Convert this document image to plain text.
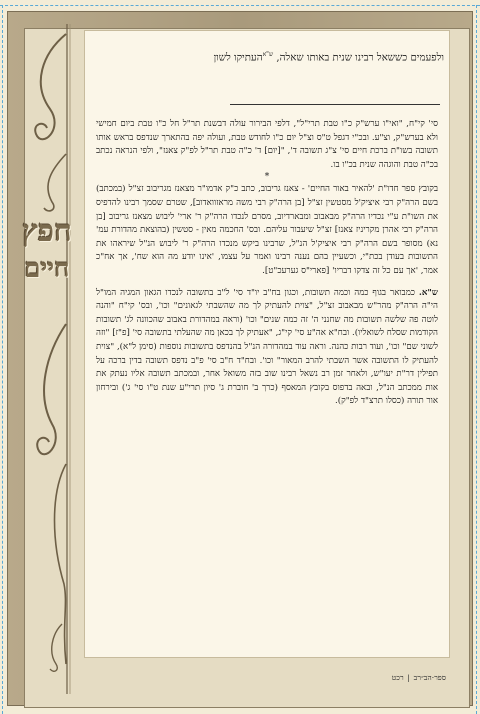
חפץ
חיים
ולפעמים כששאל רבינו שנית באותו שאלה, $^{ש"א}$העתיקו לשון

סי' קי"ח, "ואי"ו ערש"ק כ"ו טבת תרי"ל", דלפי הבירור עולה דבשנת תר"ל חל כ"ו טבת ביום חמישי ולא בערש"ק, וצ"ע. ובכ"י דגפל ט"ס וצ"ל יום כ"ו לחודש טבת, ועולה יפה בהתארך שנדפס בראש אותו תשובה בשו"ת ברכת חיים סי' צ"ג תשובה ד', "[יום] ד' כ"ה טבת תר"ל לפ"ק צאנז", ולפי הנראה נכתב בכ"ה טבת והוגהה שנית בכ"ו בו.

*

בקובץ ספר חדו"ת 'להאיר באור החיים' - צאנז גריבוב, כתב כ"ק אדמו"ר מצאנז מגריבוב זצ"ל (במכתב) בשם הרה"ק רבי איציק'ל מסטשין זצ"ל [בן הרה"ק רבי משה מראזוואדוב], שטרם שסמך רבינו להדפיס את השו"ת ע"י נכדיו הרה"ק מבאבוב ומבארדיוב, מסרם לנכדו הרה"ק ר' ארי' ליבוש מצאנז גריבוב [בן הרה"ק רבי אהרן מקריניז צאנז] זצ"ל שיעבור עליהם. ובס' החכמה מאין - סטשין (בהוצאת מהדורת עמ' נא) מסופר בשם הרה"ק רבי איציק'ל הנ"ל, שרבינו ביקש מנכדו הרה"ק ר' ליבוש הנ"ל שיראהו את התשובות בעודן בכת"י, וכשעיין בהם נענה רבינו ואמר על עצמו, 'אינו יודע מה הוא שח', אך אח"כ אמר, 'אך עם כל זה צדקו דבריו' [פארי"ס גערעכ"ט].

ש"א. כמבואר בגוף כמה וכמה תשובות, וכגון בח"ב יו"ד סי' ל"ב בתשובה לנכדו הגאון המגיה המו"ל הי"ה הרה"ק מהר"ש מבאבוב זצ"ל, "צוית להעתיק לך מה שהשבתי לגאונים" וכו', ובס' קי"ח "והנה לוטה פה שלשה תשובות מה שחנני ה' זה כמה שנים" וכו' (וראה במהדורת באבוב שהכוונה לג' תשובות הקודמות שסלח לשואליו). ובח"א אה"ע סי' קי"ג, "אעתיק לך בכאן מה שהעלתי בתשובה סי' [פ"ז] "וזה לשוני שם" וכו', ועוד רבות כהנה. וראה עוד במהדורה הנ"ל בהנדפס בתשובות נוספות (סימן ל"א), "צוית להעתיק לו התשובה אשר השבתי להרב המאור" וכו'. ובח"ד ח"ב סי' פ"ב נדפס תשובה בדין ברכה על תפילין דר"ת יעו"ש, ולאחר זמן רב נשאל רבינו שוב בזה משואל אחר, ובמכתב תשובה אליו נעתק את אות ממכתב הנ"ל, ובאה בדפוס בקובץ המאסף (כרך ב' חוברת ג' סיון תרי"ע שנת ט"ו סי' ג') ובירחון אור תורה (כסלו תרצ"ד לפ"ק).

ספר·הב״רב|רכט
